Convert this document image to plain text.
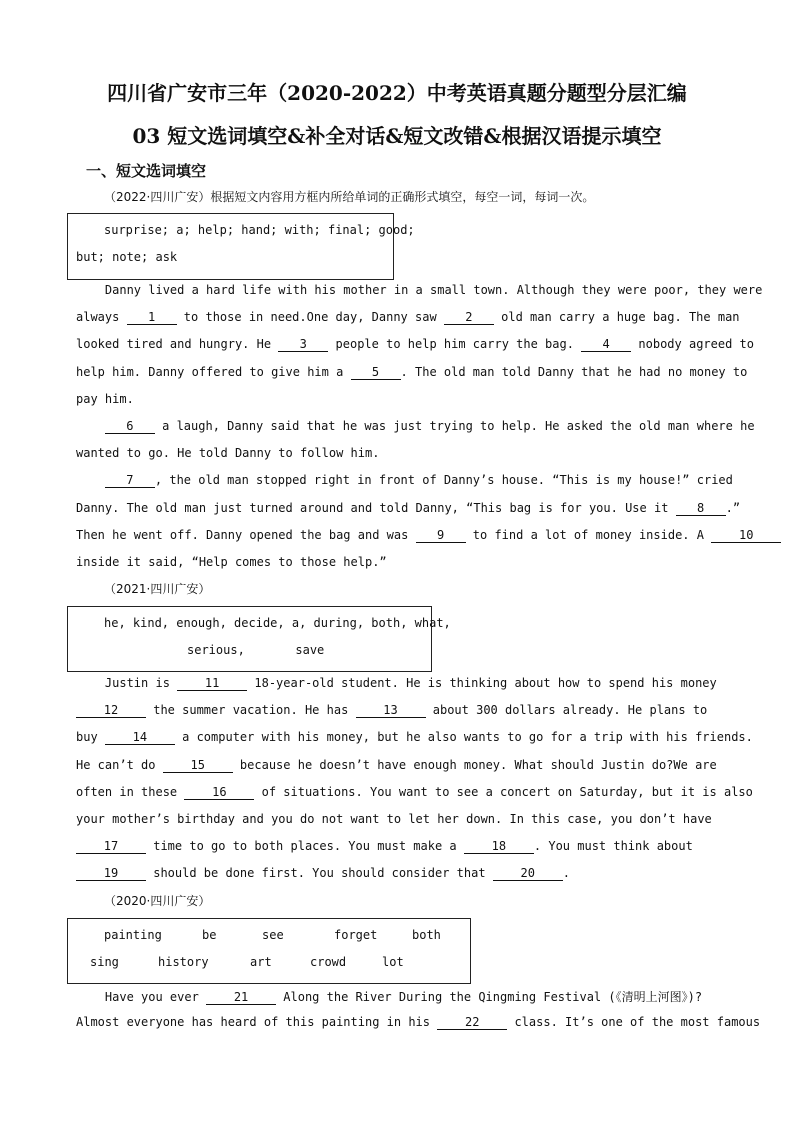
四川省广安市三年（2020-2022）中考英语真题分题型分层汇编
03 短文选词填空&补全对话&短文改错&根据汉语提示填空
一、短文选词填空
（2022·四川广安）根据短文内容用方框内所给单词的正确形式填空，每空一词，每词一次。
surprise; a; help; hand; with; final; good;
but; note; ask
Danny lived a hard life with his mother in a small town. Although they were poor, they were
always 1 to those in need.One day, Danny saw 2 old man carry a huge bag. The man
looked tired and hungry. He 3 people to help him carry the bag. 4 nobody agreed to
help him. Danny offered to give him a 5 . The old man told Danny that he had no money to
pay him.
6 a laugh, Danny said that he was just trying to help. He asked the old man where he
wanted to go. He told Danny to follow him.
7 , the old man stopped right in front of Danny’s house. “This is my house!” cried
Danny. The old man just turned around and told Danny, “This bag is for you. Use it 8 .”
Then he went off. Danny opened the bag and was 9 to find a lot of money inside. A 10
inside it said, “Help comes to those help.”
（2021·四川广安）
he, kind, enough, decide, a, during, both, what,
serious,       save
Justin is 11 18-year-old student. He is thinking about how to spend his money
12 the summer vacation. He has 13 about 300 dollars already. He plans to
buy 14 a computer with his money, but he also wants to go for a trip with his friends.
He can’t do 15 because he doesn’t have enough money. What should Justin do?We are
often in these 16 of situations. You want to see a concert on Saturday, but it is also
your mother’s birthday and you do not want to let her down. In this case, you don’t have
17 time to go to both places. You must make a 18 . You must think about
19 should be done first. You should consider that 20 .
（2020·四川广安）
painting	be	see	forget	both
sing	history	art	crowd	lot
Have you ever 21 Along the River During the Qingming Festival (《清明上河图》)?
Almost everyone has heard of this painting in his 22 class. It’s one of the most famous
